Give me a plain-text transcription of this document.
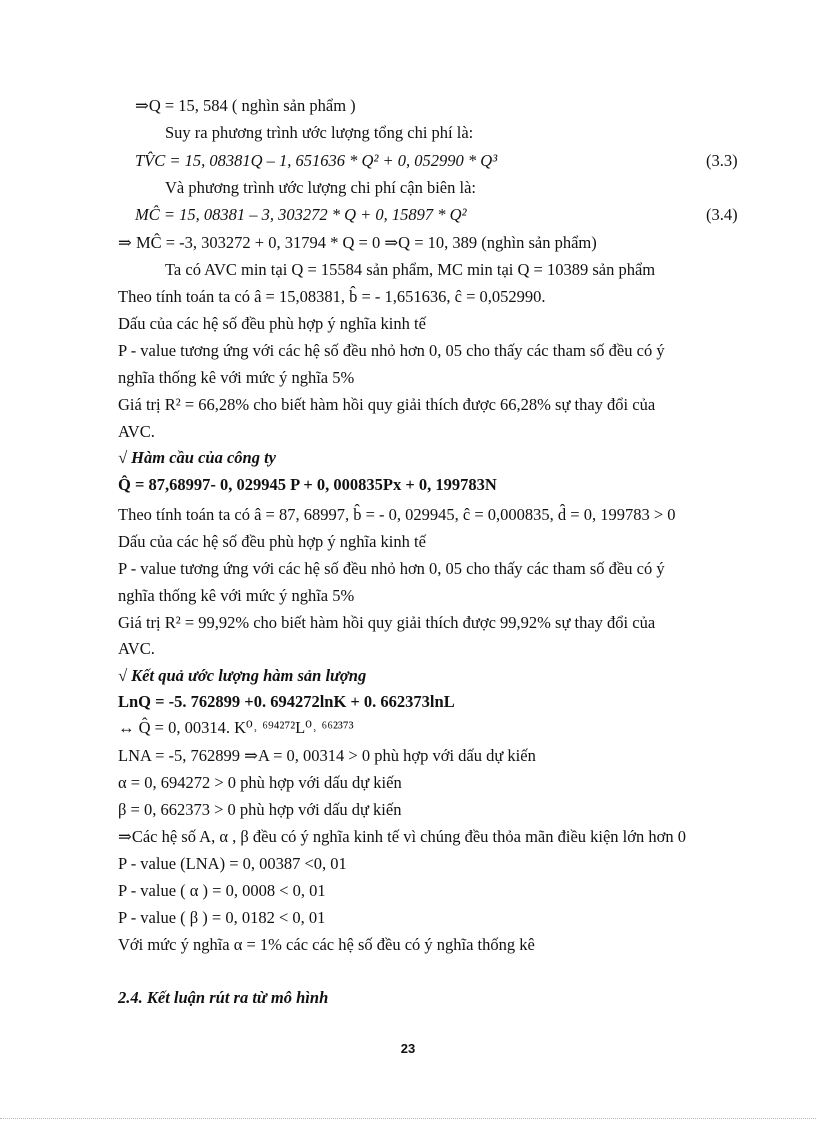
⇒Q = 15, 584 ( nghìn sản phẩm )
Suy ra phương trình ước lượng tổng chi phí là:
TV̂C = 15, 08381Q – 1, 651636 * Q² + 0, 052990 * Q³	(3.3)
Và phương trình ước lượng chi phí cận biên là:
MĈ = 15, 08381 – 3, 303272 * Q + 0, 15897 * Q²	(3.4)
⇒ MĈ = -3, 303272 + 0, 31794 * Q = 0 ⇒Q = 10, 389 (nghìn sản phẩm)
Ta có AVC min tại Q = 15584 sản phẩm, MC min tại Q = 10389 sản phẩm
Theo tính toán ta có â = 15,08381, b̂ = - 1,651636, ĉ = 0,052990.
Dấu của các hệ số đều phù hợp ý nghĩa kinh tế
P - value tương ứng với các hệ số đều nhỏ hơn 0, 05 cho thấy các tham số đều có ý
nghĩa thống kê với mức ý nghĩa 5%
Giá trị R² = 66,28% cho biết hàm hồi quy giải thích được 66,28% sự thay đổi của
AVC.
√ Hàm cầu của công ty
Q̂ = 87,68997- 0, 029945 P + 0, 000835Px + 0, 199783N
Theo tính toán ta có â = 87, 68997, b̂ = - 0, 029945, ĉ = 0,000835, d̂ = 0, 199783 > 0
Dấu của các hệ số đều phù hợp ý nghĩa kinh tế
P - value tương ứng với các hệ số đều nhỏ hơn 0, 05 cho thấy các tham số đều có ý
nghĩa thống kê với mức ý nghĩa 5%
Giá trị R² = 99,92% cho biết hàm hồi quy giải thích được 99,92% sự thay đổi của
AVC.
√ Kết quả ước lượng hàm sản lượng
LnQ = -5. 762899 +0. 694272lnK + 0. 662373lnL
↔ Q̂ = 0, 00314. K⁰˒ ⁶⁹⁴²⁷²L⁰˒ ⁶⁶²³⁷³
LNA = -5, 762899 ⇒A = 0, 00314 > 0 phù hợp với dấu dự kiến
α = 0, 694272 > 0 phù hợp với dấu dự kiến
β = 0, 662373 > 0 phù hợp với dấu dự kiến
⇒Các hệ số A, α , β đều có ý nghĩa kinh tế vì chúng đều thỏa mãn điều kiện lớn hơn 0
P - value (LNA) = 0, 00387 <0, 01
P - value ( α ) = 0, 0008 < 0, 01
P - value ( β ) = 0, 0182 < 0, 01
Với mức ý nghĩa α = 1% các các hệ số đều có ý nghĩa thống kê
2.4. Kết luận rút ra từ mô hình
23
